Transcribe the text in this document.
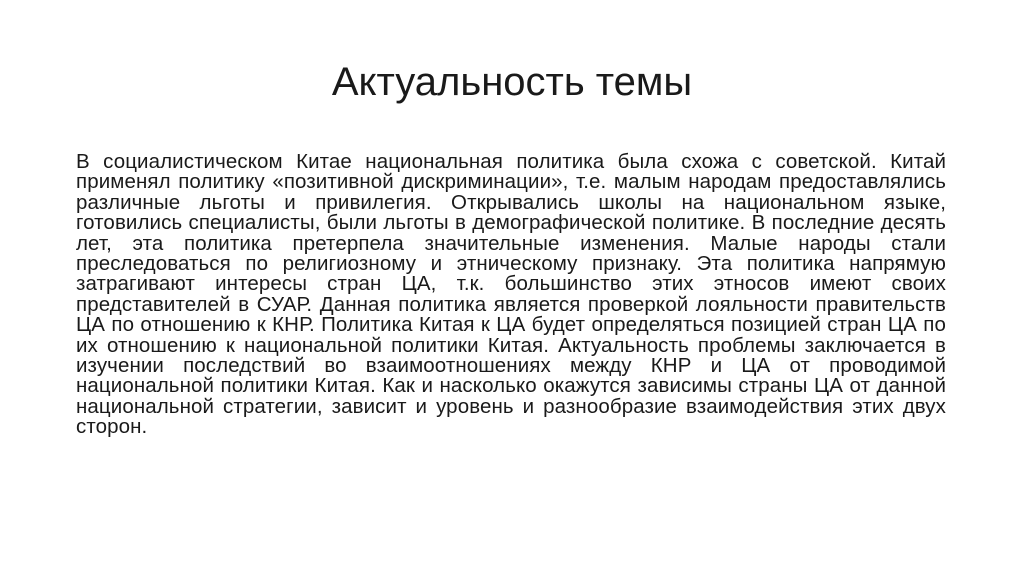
Актуальность темы

В социалистическом Китае национальная политика была схожа с советской. Китай применял политику «позитивной дискриминации», т.е. малым народам предоставлялись различные льготы и привилегия. Открывались школы на национальном языке, готовились специалисты, были льготы в демографической политике. В последние десять лет, эта политика претерпела значительные изменения. Малые народы стали преследоваться по религиозному и этническому признаку. Эта политика напрямую затрагивают интересы стран ЦА, т.к. большинство этих этносов имеют своих представителей в СУАР. Данная политика является проверкой лояльности правительств ЦА по отношению к КНР. Политика Китая к ЦА будет определяться позицией стран ЦА по их отношению к национальной политики Китая. Актуальность проблемы заключается в изучении последствий во взаимоотношениях между КНР и ЦА от проводимой национальной политики Китая. Как и насколько окажутся зависимы страны ЦА от данной национальной стратегии, зависит и уровень и разнообразие взаимодействия этих двух сторон.
